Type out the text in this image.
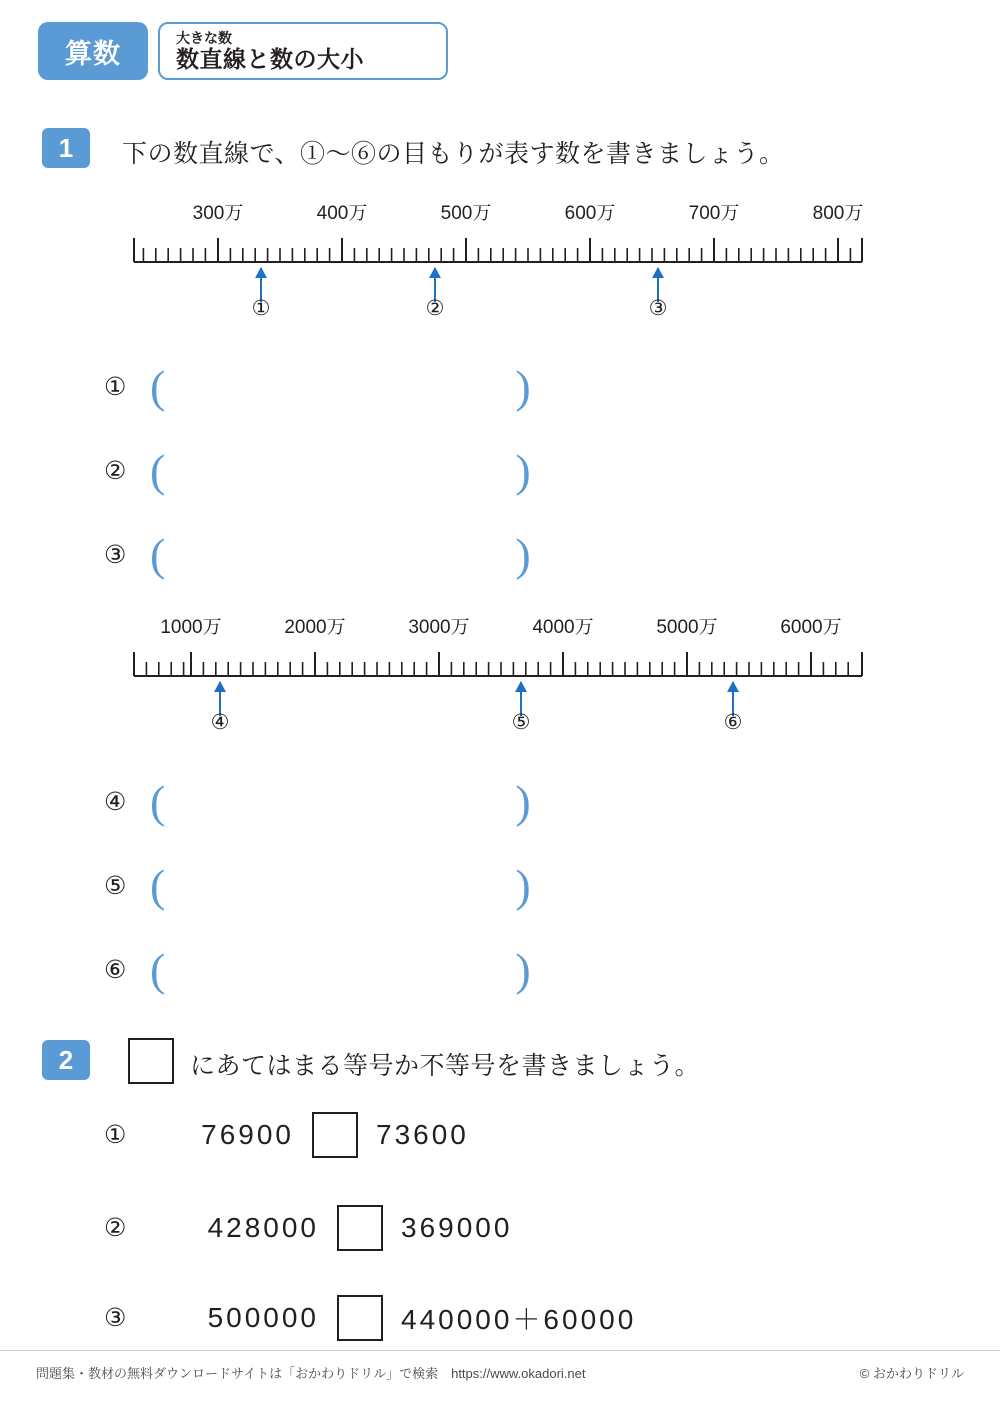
算数
大きな数
数直線と数の大小
1	下の数直線で、①～⑥の目もりが表す数を書きましょう。
300万	400万	500万	600万	700万	800万
①	②	③
① (	)
② (	)
③ (	)
1000万	2000万	3000万	4000万	5000万	6000万
④	⑤	⑥
④ (	)
⑤ (	)
⑥ (	)
2	にあてはまる等号か不等号を書きましょう。
①	76900	73600
②	428000	369000
③	500000	440000＋60000
問題集・教材の無料ダウンロードサイトは「おかわりドリル」で検索　https://www.okadori.net	© おかわりドリル
